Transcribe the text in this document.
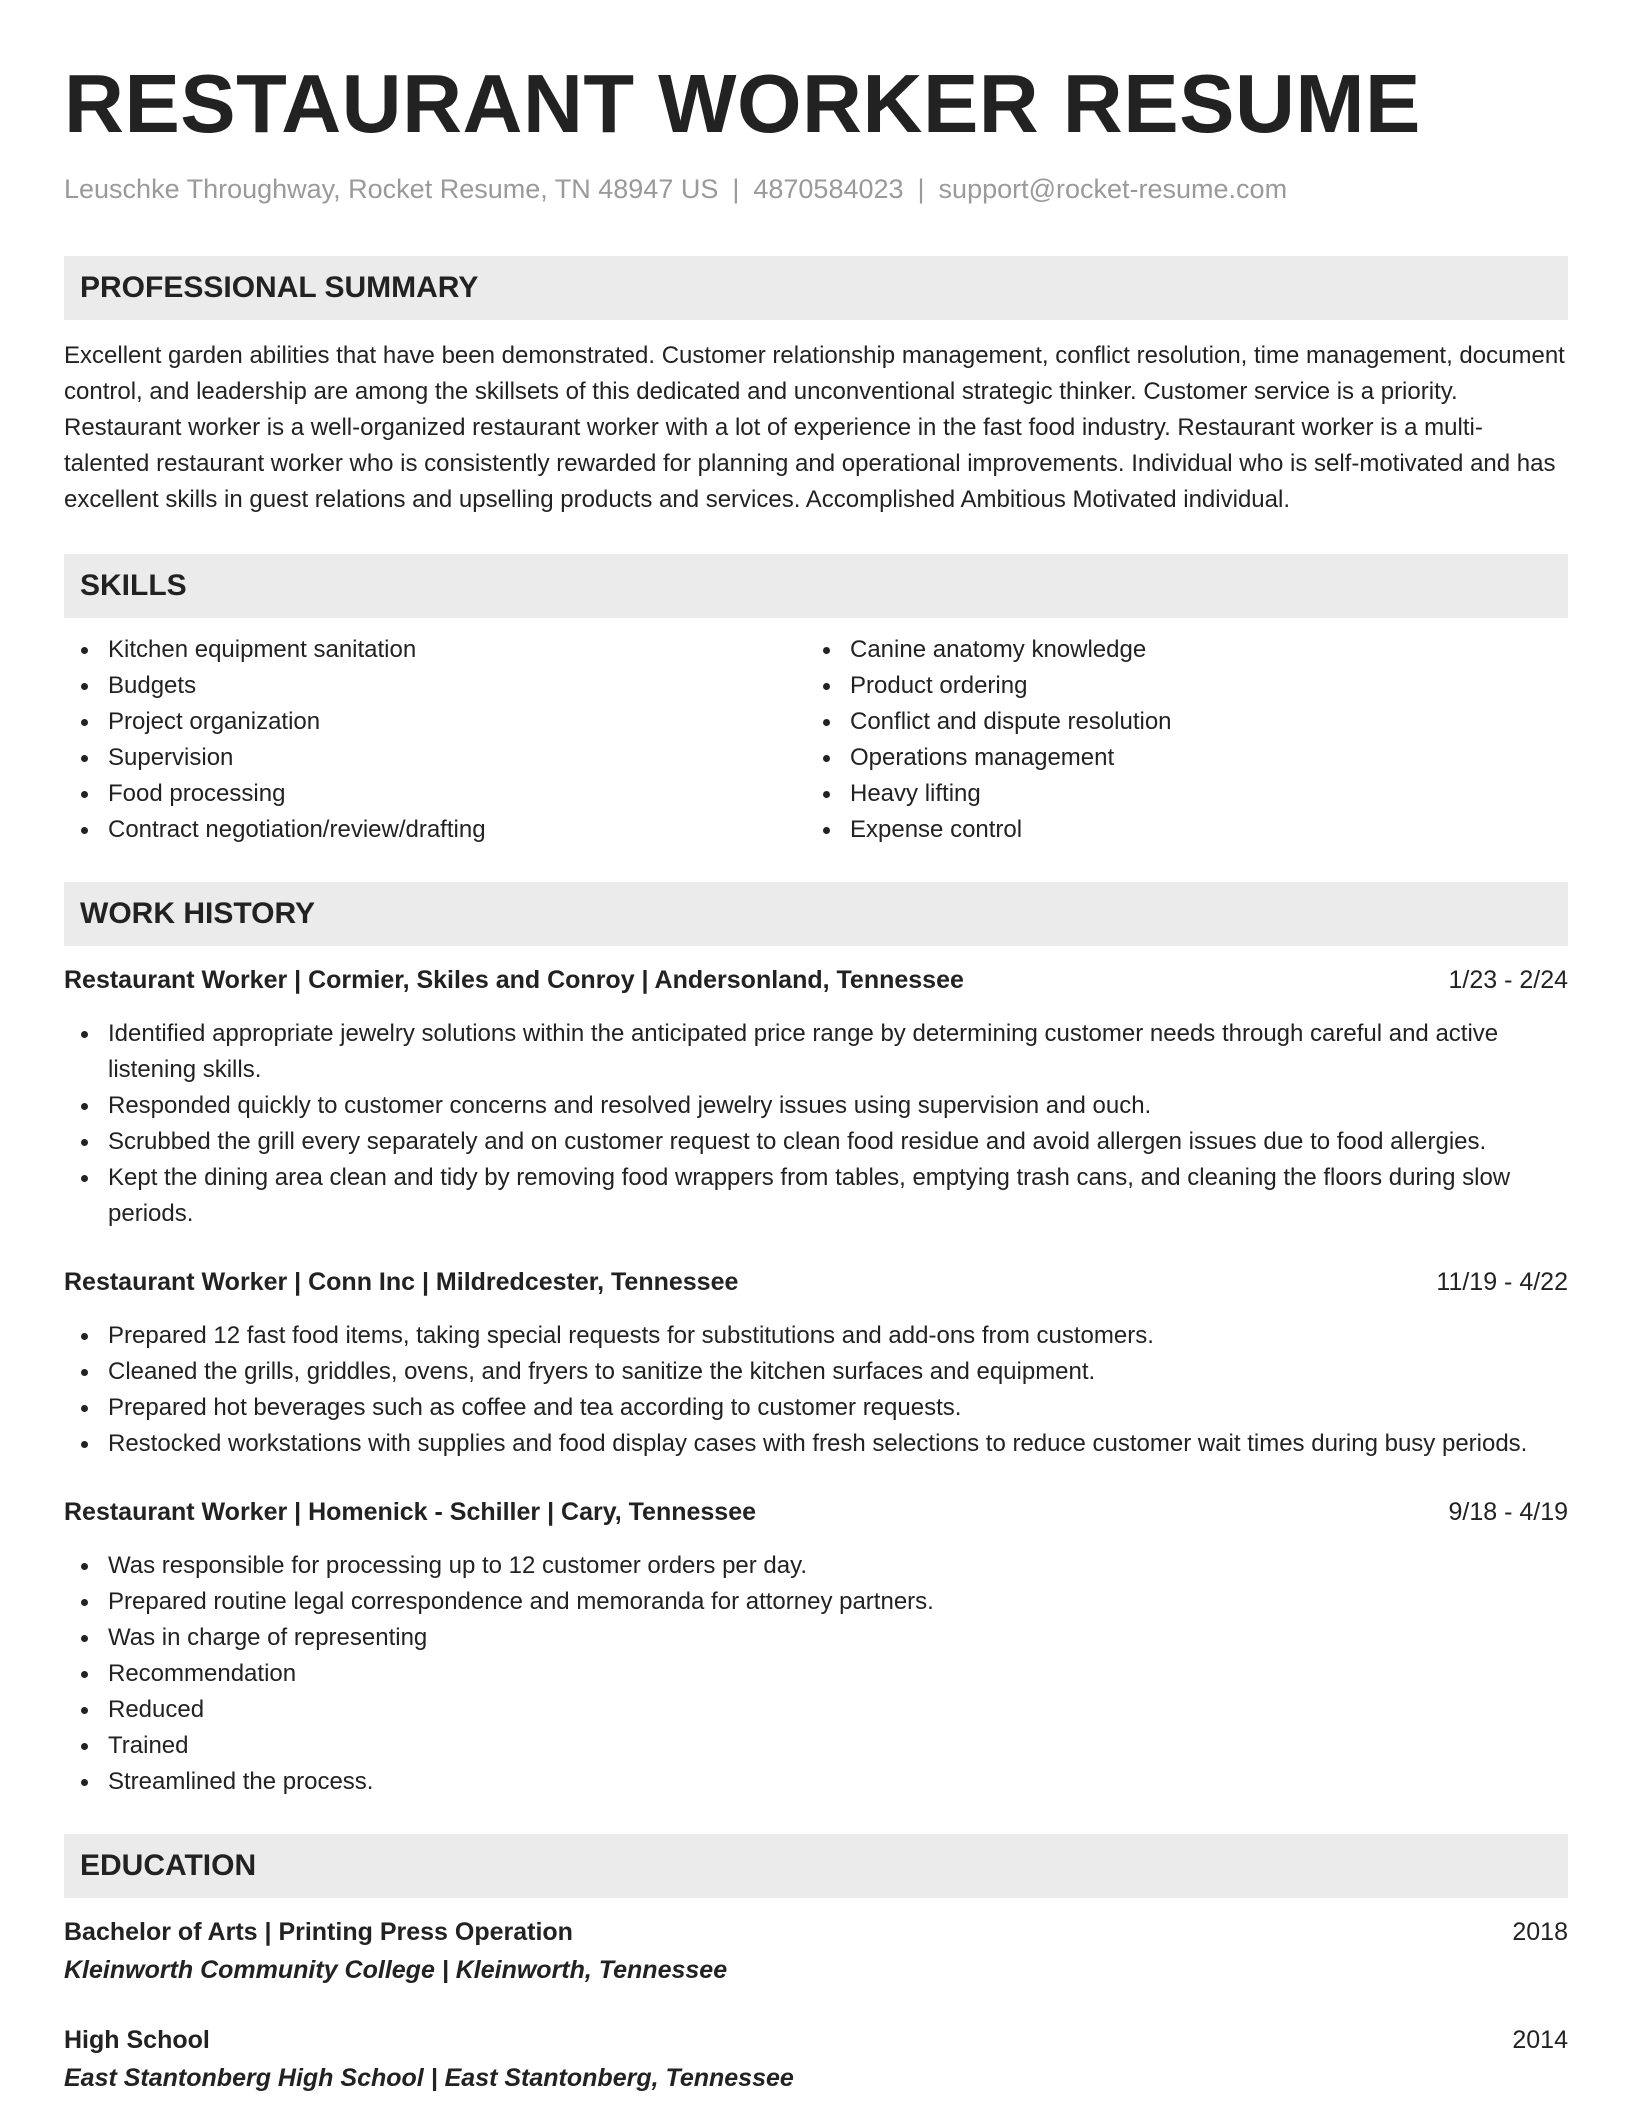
RESTAURANT WORKER RESUME
Leuschke Throughway, Rocket Resume, TN 48947 US | 4870584023 | support@rocket-resume.com
PROFESSIONAL SUMMARY
Excellent garden abilities that have been demonstrated. Customer relationship management, conflict resolution, time management, document control, and leadership are among the skillsets of this dedicated and unconventional strategic thinker. Customer service is a priority. Restaurant worker is a well-organized restaurant worker with a lot of experience in the fast food industry. Restaurant worker is a multi-talented restaurant worker who is consistently rewarded for planning and operational improvements. Individual who is self-motivated and has excellent skills in guest relations and upselling products and services. Accomplished Ambitious Motivated individual.
SKILLS
Kitchen equipment sanitation
Budgets
Project organization
Supervision
Food processing
Contract negotiation/review/drafting
Canine anatomy knowledge
Product ordering
Conflict and dispute resolution
Operations management
Heavy lifting
Expense control
WORK HISTORY
Restaurant Worker | Cormier, Skiles and Conroy | Andersonland, Tennessee	1/23 - 2/24
Identified appropriate jewelry solutions within the anticipated price range by determining customer needs through careful and active listening skills.
Responded quickly to customer concerns and resolved jewelry issues using supervision and ouch.
Scrubbed the grill every separately and on customer request to clean food residue and avoid allergen issues due to food allergies.
Kept the dining area clean and tidy by removing food wrappers from tables, emptying trash cans, and cleaning the floors during slow periods.
Restaurant Worker | Conn Inc | Mildredcester, Tennessee	11/19 - 4/22
Prepared 12 fast food items, taking special requests for substitutions and add-ons from customers.
Cleaned the grills, griddles, ovens, and fryers to sanitize the kitchen surfaces and equipment.
Prepared hot beverages such as coffee and tea according to customer requests.
Restocked workstations with supplies and food display cases with fresh selections to reduce customer wait times during busy periods.
Restaurant Worker | Homenick - Schiller | Cary, Tennessee	9/18 - 4/19
Was responsible for processing up to 12 customer orders per day.
Prepared routine legal correspondence and memoranda for attorney partners.
Was in charge of representing
Recommendation
Reduced
Trained
Streamlined the process.
EDUCATION
Bachelor of Arts | Printing Press Operation	2018
Kleinworth Community College | Kleinworth, Tennessee
High School	2014
East Stantonberg High School | East Stantonberg, Tennessee
